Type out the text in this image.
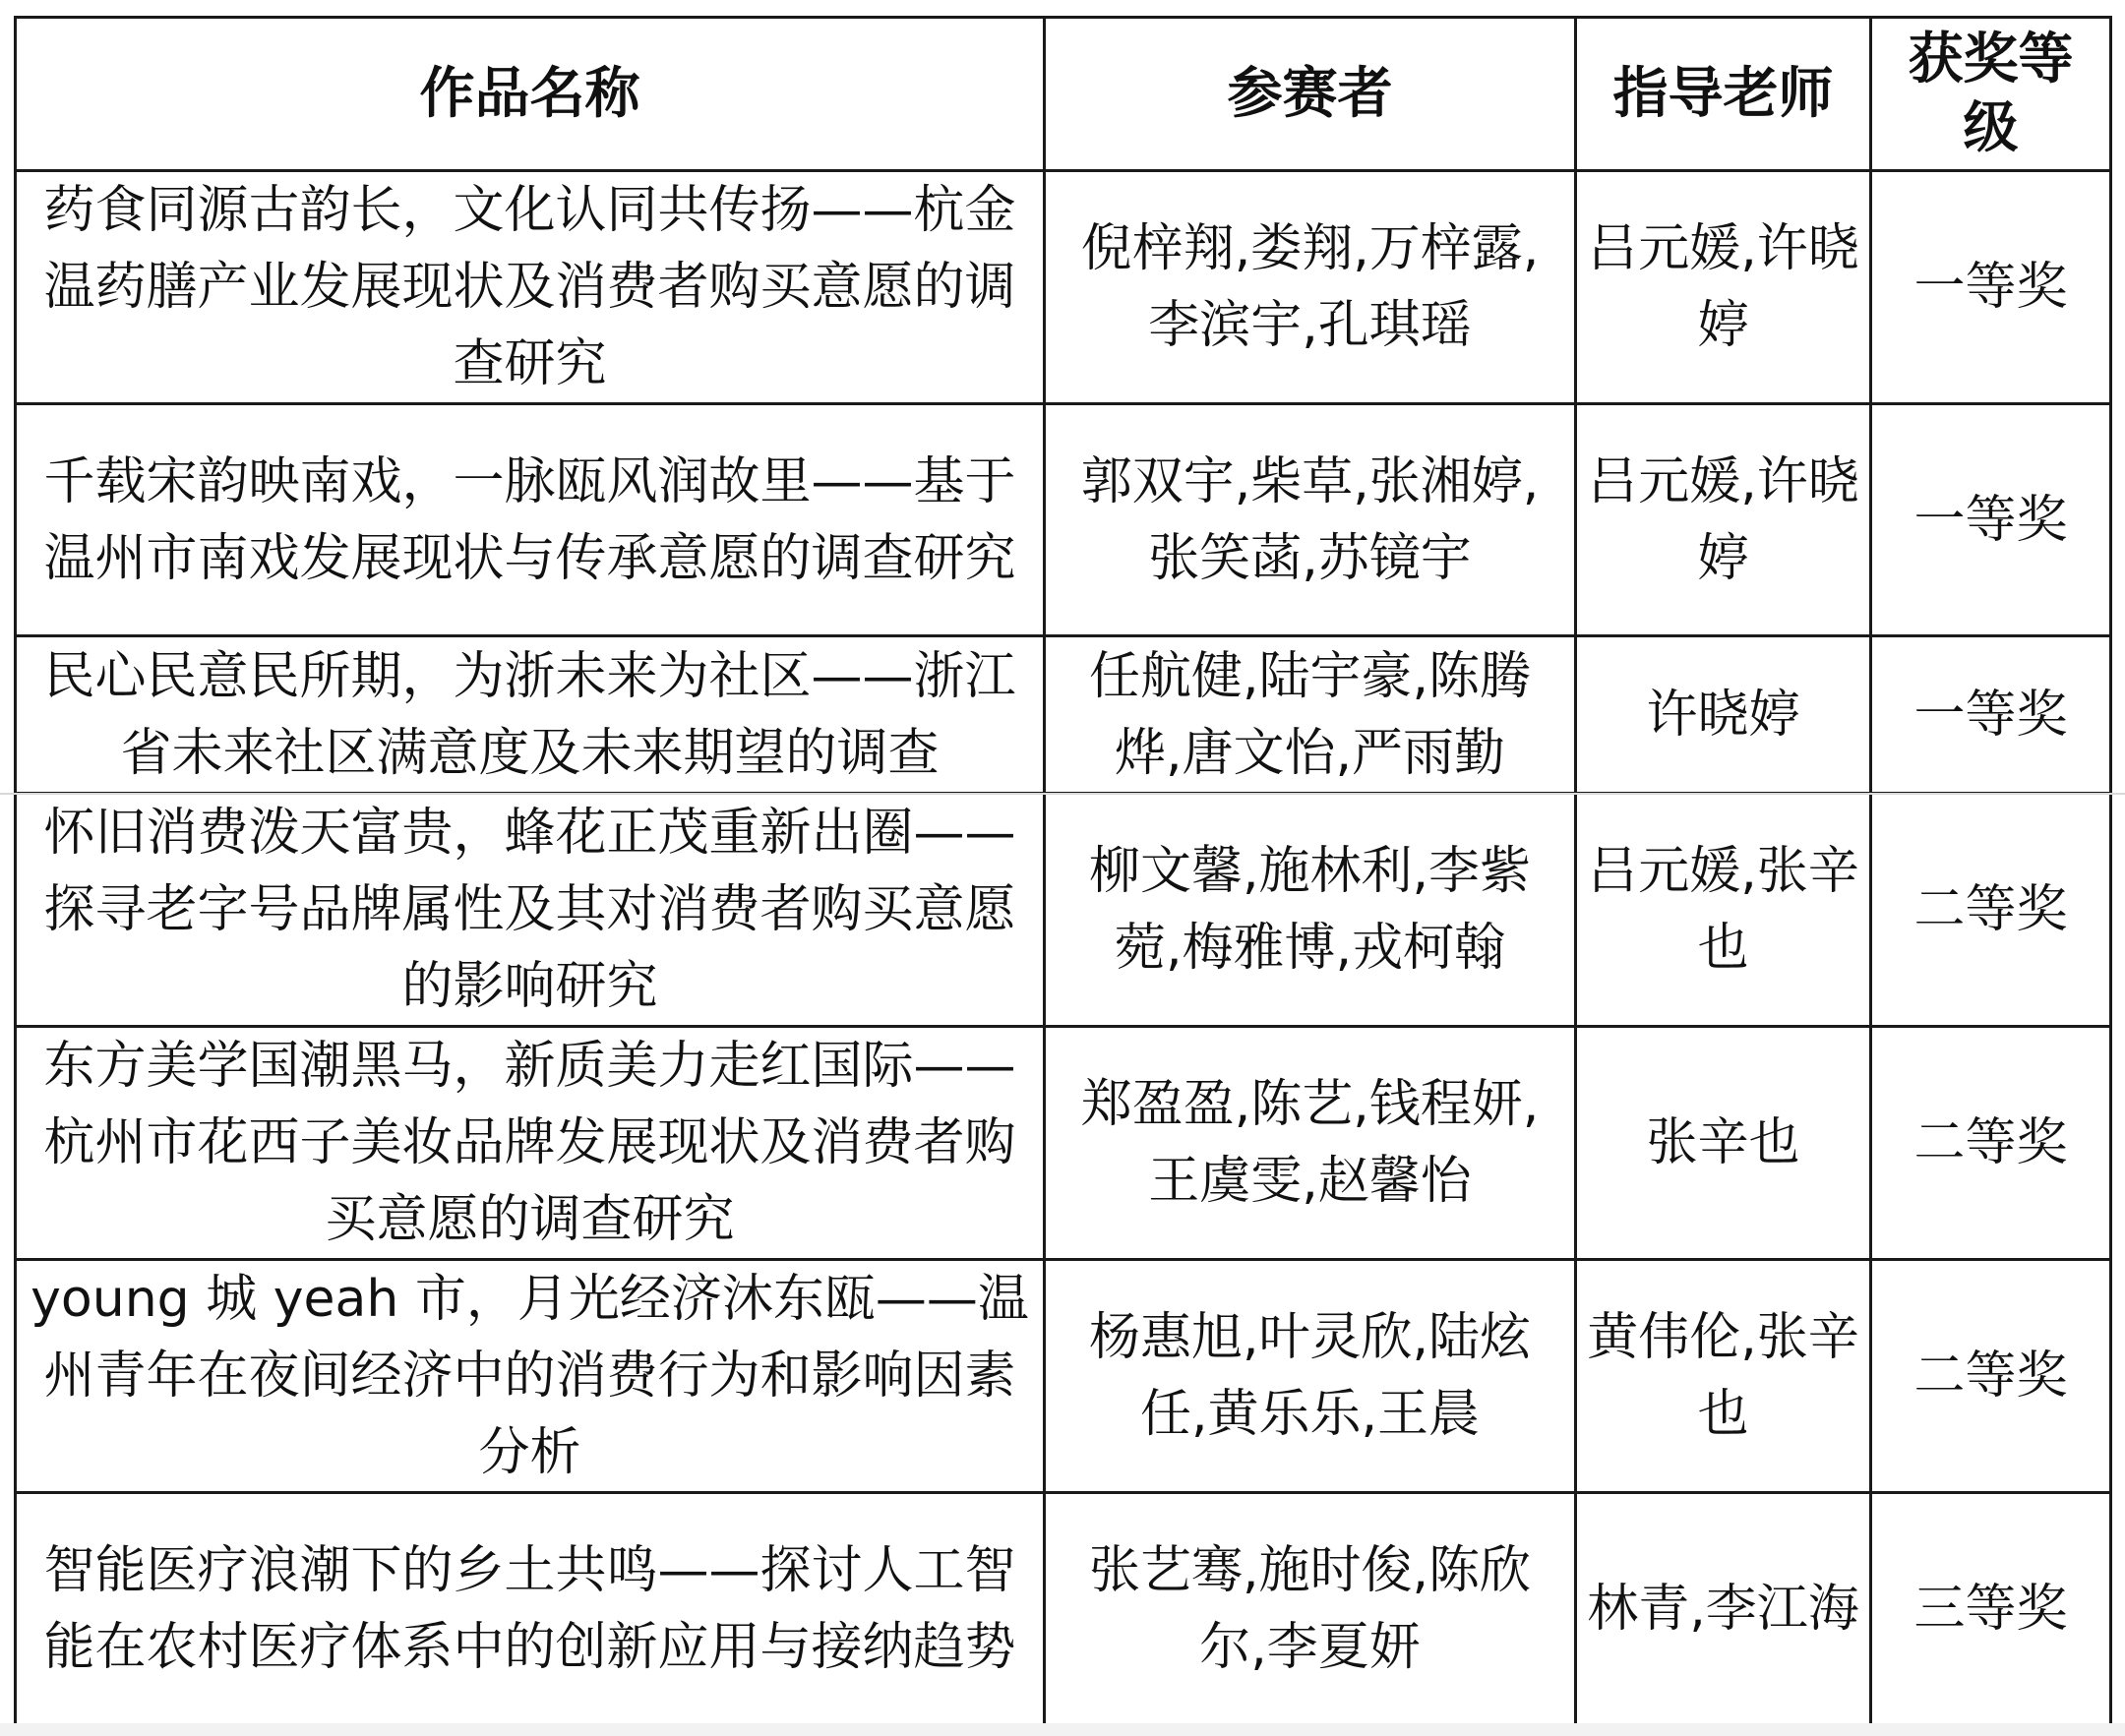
作品名称	参赛者	指导老师	获奖等级
药食同源古韵长，文化认同共传扬——杭金温药膳产业发展现状及消费者购买意愿的调查研究	倪梓翔,娄翔,万梓露,李滨宇,孔琪瑶	吕元媛,许晓婷	一等奖
千载宋韵映南戏，一脉瓯风润故里——基于温州市南戏发展现状与传承意愿的调查研究	郭双宇,柴草,张湘婷,张笑菡,苏镜宇	吕元媛,许晓婷	一等奖
民心民意民所期，为浙未来为社区——浙江省未来社区满意度及未来期望的调查	任航健,陆宇豪,陈腾烨,唐文怡,严雨勤	许晓婷	一等奖
怀旧消费泼天富贵，蜂花正茂重新出圈——探寻老字号品牌属性及其对消费者购买意愿的影响研究	柳文馨,施林利,李紫菀,梅雅博,戎柯翰	吕元媛,张辛也	二等奖
东方美学国潮黑马，新质美力走红国际——杭州市花西子美妆品牌发展现状及消费者购买意愿的调查研究	郑盈盈,陈艺,钱程妍,王虞雯,赵馨怡	张辛也	二等奖
young 城 yeah 市，月光经济沐东瓯——温州青年在夜间经济中的消费行为和影响因素分析	杨惠旭,叶灵欣,陆炫任,黄乐乐,王晨	黄伟伦,张辛也	二等奖
智能医疗浪潮下的乡土共鸣——探讨人工智能在农村医疗体系中的创新应用与接纳趋势	张艺骞,施时俊,陈欣尔,李夏妍	林青,李江海	三等奖
